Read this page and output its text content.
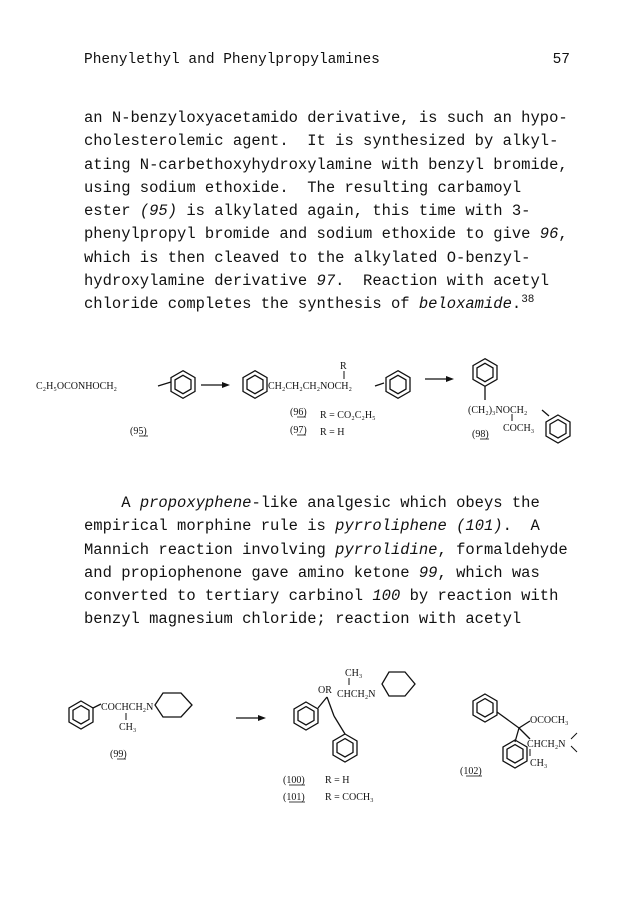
Phenylethyl and Phenylpropylamines	57
an N-benzyloxyacetamido derivative, is such an hypo-
cholesterolemic agent.  It is synthesized by alkyl-
ating N-carbethoxyhydroxylamine with benzyl bromide,
using sodium ethoxide.  The resulting carbamoyl
ester (95) is alkylated again, this time with 3-
phenylpropyl bromide and sodium ethoxide to give 96,
which is then cleaved to the alkylated O-benzyl-
hydroxylamine derivative 97.  Reaction with acetyl
chloride completes the synthesis of beloxamide.$^{38}$
C₂H₅OCONHOCH₂
(95)
CH₂CH₂CH₂NOCH₂
R
(96) R = CO₂C₂H₅
(97) R = H
(CH₂)₃NOCH₂
COCH₃
(98)
A propoxyphene-like analgesic which obeys the
empirical morphine rule is pyrroliphene (101).  A
Mannich reaction involving pyrrolidine, formaldehyde
and propiophenone gave amino ketone 99, which was
converted to tertiary carbinol 100 by reaction with
benzyl magnesium chloride; reaction with acetyl
COCHCH₂N
CH₃
(99)
CH₃
OR CHCH₂N
(100) R = H
(101) R = COCH₃
OCOCH₃
CHCH₂N
CH₃
(102)
